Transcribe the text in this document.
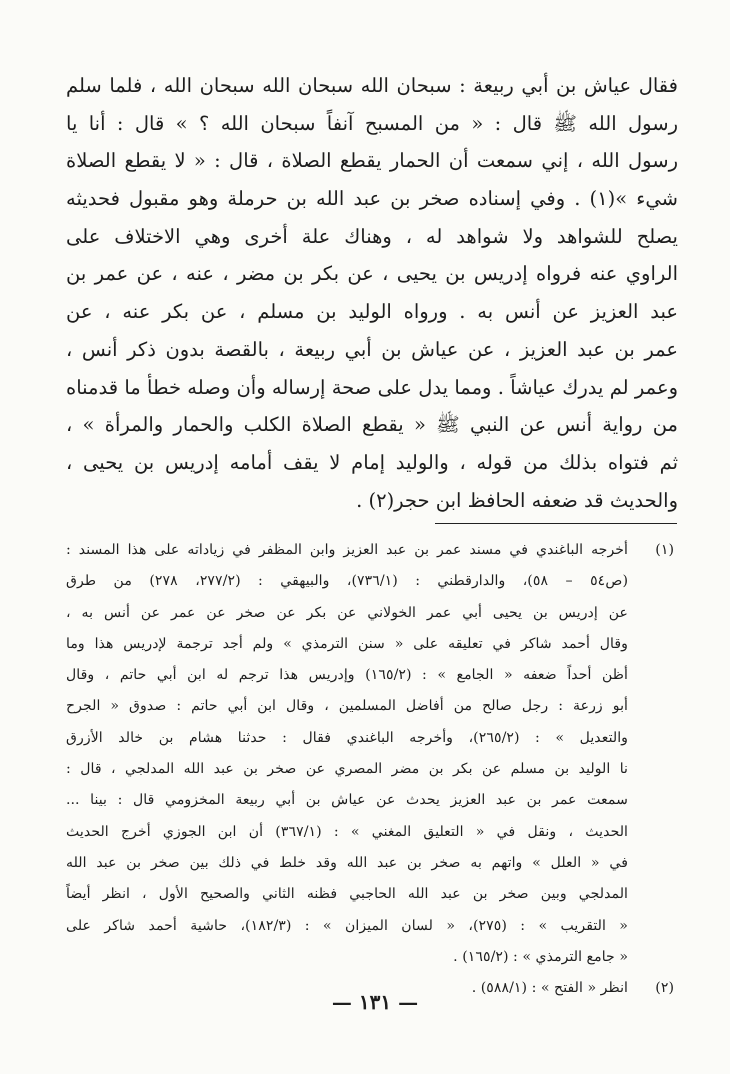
فقال عياش بن أبي ربيعة : سبحان الله سبحان الله سبحان الله ، فلما سلم
رسول الله ﷺ قال : « من المسبح آنفاً سبحان الله ؟ » قال : أنا يا
رسول الله ، إني سمعت أن الحمار يقطع الصلاة ، قال : « لا يقطع الصلاة
شيء »(١) . وفي إسناده صخر بن عبد الله بن حرملة وهو مقبول فحديثه
يصلح للشواهد ولا شواهد له ، وهناك علة أخرى وهي الاختلاف على
الراوي عنه فرواه إدريس بن يحيى ، عن بكر بن مضر ، عنه ، عن عمر بن
عبد العزيز عن أنس به . ورواه الوليد بن مسلم ، عن بكر عنه ، عن
عمر بن عبد العزيز ، عن عياش بن أبي ربيعة ، بالقصة بدون ذكر أنس ،
وعمر لم يدرك عياشاً . ومما يدل على صحة إرساله وأن وصله خطأ ما قدمناه
من رواية أنس عن النبي ﷺ « يقطع الصلاة الكلب والحمار والمرأة » ،
ثم فتواه بذلك من قوله ، والوليد إمام لا يقف أمامه إدريس بن يحيى ،
والحديث قد ضعفه الحافظ ابن حجر(٢) .
(١)
أخرجه الباغندي في مسند عمر بن عبد العزيز وابن المظفر في زياداته على هذا المسند :
(ص٥٤ – ٥٨)، والدارقطني : (٧٣٦/١)، والبيهقي : (٢٧٧/٢، ٢٧٨) من طرق
عن إدريس بن يحيى أبي عمر الخولاني عن بكر عن صخر عن عمر عن أنس به ،
وقال أحمد شاكر في تعليقه على « سنن الترمذي » ولم أجد ترجمة لإدريس هذا وما
أظن أحداً ضعفه « الجامع » : (١٦٥/٢) وإدريس هذا ترجم له ابن أبي حاتم ، وقال
أبو زرعة : رجل صالح من أفاضل المسلمين ، وقال ابن أبي حاتم : صدوق « الجرح
والتعديل » : (٢٦٥/٢)، وأخرجه الباغندي فقال : حدثنا هشام بن خالد الأزرق
نا الوليد بن مسلم عن بكر بن مضر المصري عن صخر بن عبد الله المدلجي ، قال :
سمعت عمر بن عبد العزيز يحدث عن عياش بن أبي ربيعة المخزومي قال : بينا ...
الحديث ، ونقل في « التعليق المغني » : (٣٦٧/١) أن ابن الجوزي أخرج الحديث
في « العلل » واتهم به صخر بن عبد الله وقد خلط في ذلك بين صخر بن عبد الله
المدلجي وبين صخر بن عبد الله الحاجبي فظنه الثاني والصحيح الأول ، انظر أيضاً
« التقريب » : (٢٧٥)، « لسان الميزان » : (١٨٢/٣)، حاشية أحمد شاكر على
« جامع الترمذي » : (١٦٥/٢) .
(٢)
انظر « الفتح » : (٥٨٨/١) .
— ١٣١ —
